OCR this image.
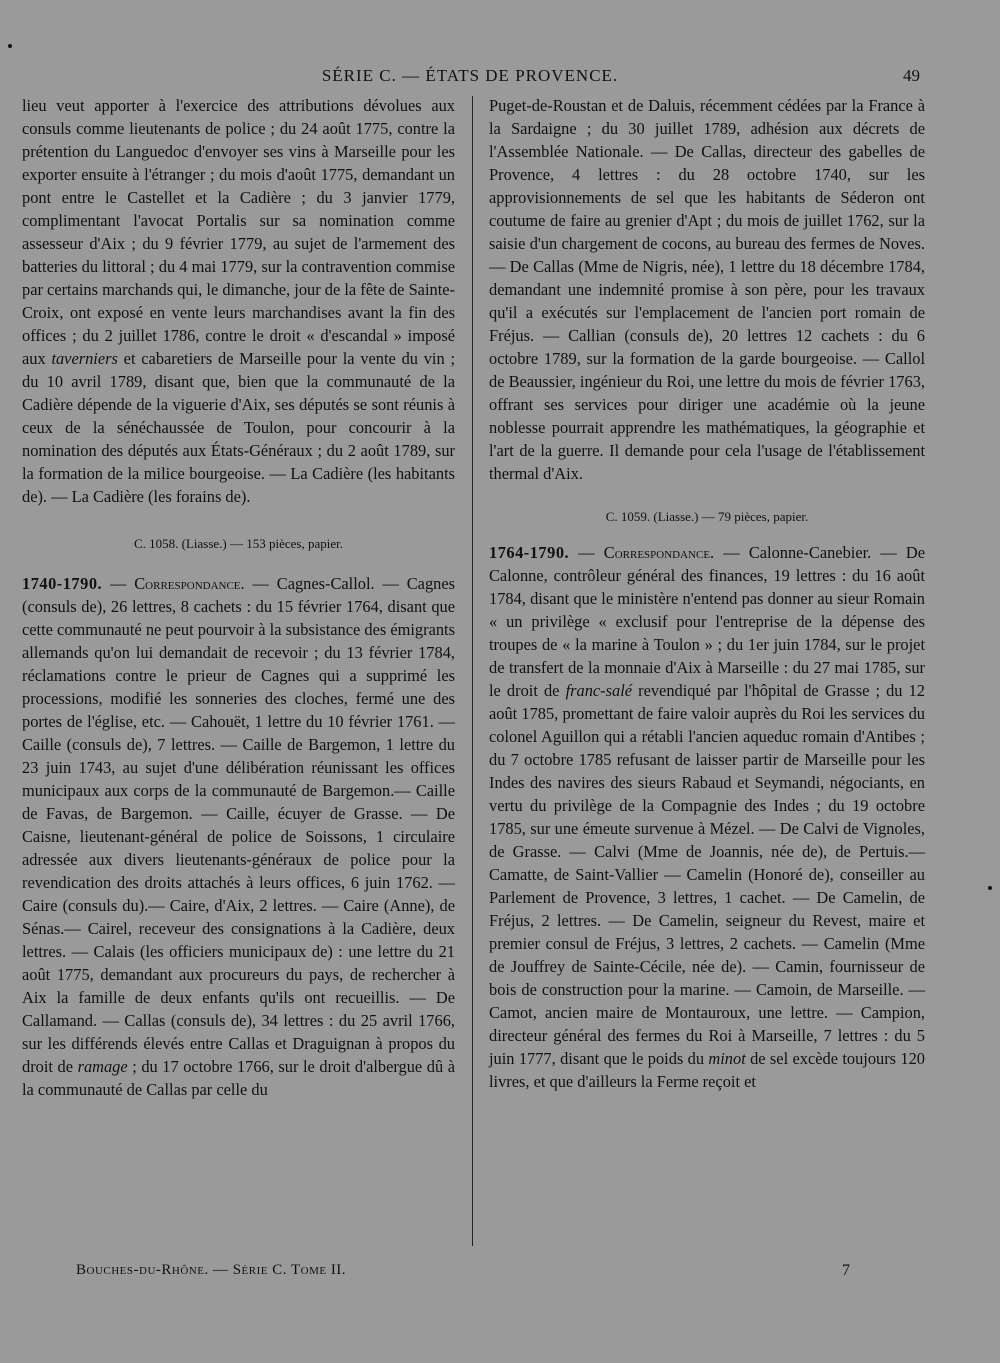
SÉRIE C. — ÉTATS DE PROVENCE.	49

lieu veut apporter à l'exercice des attributions dévolues aux consuls comme lieutenants de police ; du 24 août 1775, contre la prétention du Languedoc d'envoyer ses vins à Marseille pour les exporter ensuite à l'étranger ; du mois d'août 1775, demandant un pont entre le Castellet et la Cadière ; du 3 janvier 1779, complimentant l'avocat Portalis sur sa nomination comme assesseur d'Aix ; du 9 février 1779, au sujet de l'armement des batteries du littoral ; du 4 mai 1779, sur la contravention commise par certains marchands qui, le dimanche, jour de la fête de Sainte-Croix, ont exposé en vente leurs marchandises avant la fin des offices ; du 2 juillet 1786, contre le droit « d'escandal » imposé aux taverniers et cabaretiers de Marseille pour la vente du vin ; du 10 avril 1789, disant que, bien que la communauté de la Cadière dépende de la viguerie d'Aix, ses députés se sont réunis à ceux de la sénéchaussée de Toulon, pour concourir à la nomination des députés aux États-Généraux ; du 2 août 1789, sur la formation de la milice bourgeoise. — La Cadière (les habitants de). — La Cadière (les forains de).

C. 1058. (Liasse.) — 153 pièces, papier.

1740-1790. — Correspondance. — Cagnes-Callol. — Cagnes (consuls de), 26 lettres, 8 cachets : du 15 février 1764, disant que cette communauté ne peut pourvoir à la subsistance des émigrants allemands qu'on lui demandait de recevoir ; du 13 février 1784, réclamations contre le prieur de Cagnes qui a supprimé les processions, modifié les sonneries des cloches, fermé une des portes de l'église, etc. — Cahouët, 1 lettre du 10 février 1761. — Caille (consuls de), 7 lettres. — Caille de Bargemon, 1 lettre du 23 juin 1743, au sujet d'une délibération réunissant les offices municipaux aux corps de la communauté de Bargemon.— Caille de Favas, de Bargemon. — Caille, écuyer de Grasse. — De Caisne, lieutenant-général de police de Soissons, 1 circulaire adressée aux divers lieutenants-généraux de police pour la revendication des droits attachés à leurs offices, 6 juin 1762. — Caire (consuls du).— Caire, d'Aix, 2 lettres. — Caire (Anne), de Sénas.— Cairel, receveur des consignations à la Cadière, deux lettres. — Calais (les officiers municipaux de) : une lettre du 21 août 1775, demandant aux procureurs du pays, de rechercher à Aix la famille de deux enfants qu'ils ont recueillis. — De Callamand. — Callas (consuls de), 34 lettres : du 25 avril 1766, sur les différends élevés entre Callas et Draguignan à propos du droit de ramage ; du 17 octobre 1766, sur le droit d'albergue dû à la communauté de Callas par celle du

Puget-de-Roustan et de Daluis, récemment cédées par la France à la Sardaigne ; du 30 juillet 1789, adhésion aux décrets de l'Assemblée Nationale. — De Callas, directeur des gabelles de Provence, 4 lettres : du 28 octobre 1740, sur les approvisionnements de sel que les habitants de Séderon ont coutume de faire au grenier d'Apt ; du mois de juillet 1762, sur la saisie d'un chargement de cocons, au bureau des fermes de Noves. — De Callas (Mme de Nigris, née), 1 lettre du 18 décembre 1784, demandant une indemnité promise à son père, pour les travaux qu'il a exécutés sur l'emplacement de l'ancien port romain de Fréjus. — Callian (consuls de), 20 lettres 12 cachets : du 6 octobre 1789, sur la formation de la garde bourgeoise. — Callol de Beaussier, ingénieur du Roi, une lettre du mois de février 1763, offrant ses services pour diriger une académie où la jeune noblesse pourrait apprendre les mathématiques, la géographie et l'art de la guerre. Il demande pour cela l'usage de l'établissement thermal d'Aix.

C. 1059. (Liasse.) — 79 pièces, papier.

1764-1790. — Correspondance. — Calonne-Canebier. — De Calonne, contrôleur général des finances, 19 lettres : du 16 août 1784, disant que le ministère n'entend pas donner au sieur Romain « un privilège « exclusif pour l'entreprise de la dépense des troupes de « la marine à Toulon » ; du 1er juin 1784, sur le projet de transfert de la monnaie d'Aix à Marseille : du 27 mai 1785, sur le droit de franc-salé revendiqué par l'hôpital de Grasse ; du 12 août 1785, promettant de faire valoir auprès du Roi les services du colonel Aguillon qui a rétabli l'ancien aqueduc romain d'Antibes ; du 7 octobre 1785 refusant de laisser partir de Marseille pour les Indes des navires des sieurs Rabaud et Seymandi, négociants, en vertu du privilège de la Compagnie des Indes ; du 19 octobre 1785, sur une émeute survenue à Mézel. — De Calvi de Vignoles, de Grasse. — Calvi (Mme de Joannis, née de), de Pertuis.—Camatte, de Saint-Vallier — Camelin (Honoré de), conseiller au Parlement de Provence, 3 lettres, 1 cachet. — De Camelin, de Fréjus, 2 lettres. — De Camelin, seigneur du Revest, maire et premier consul de Fréjus, 3 lettres, 2 cachets. — Camelin (Mme de Jouffrey de Sainte-Cécile, née de). — Camin, fournisseur de bois de construction pour la marine. — Camoin, de Marseille. — Camot, ancien maire de Montauroux, une lettre. — Campion, directeur général des fermes du Roi à Marseille, 7 lettres : du 5 juin 1777, disant que le poids du minot de sel excède toujours 120 livres, et que d'ailleurs la Ferme reçoit et

Bouches-du-Rhône. — Série C. Tome II.	7
